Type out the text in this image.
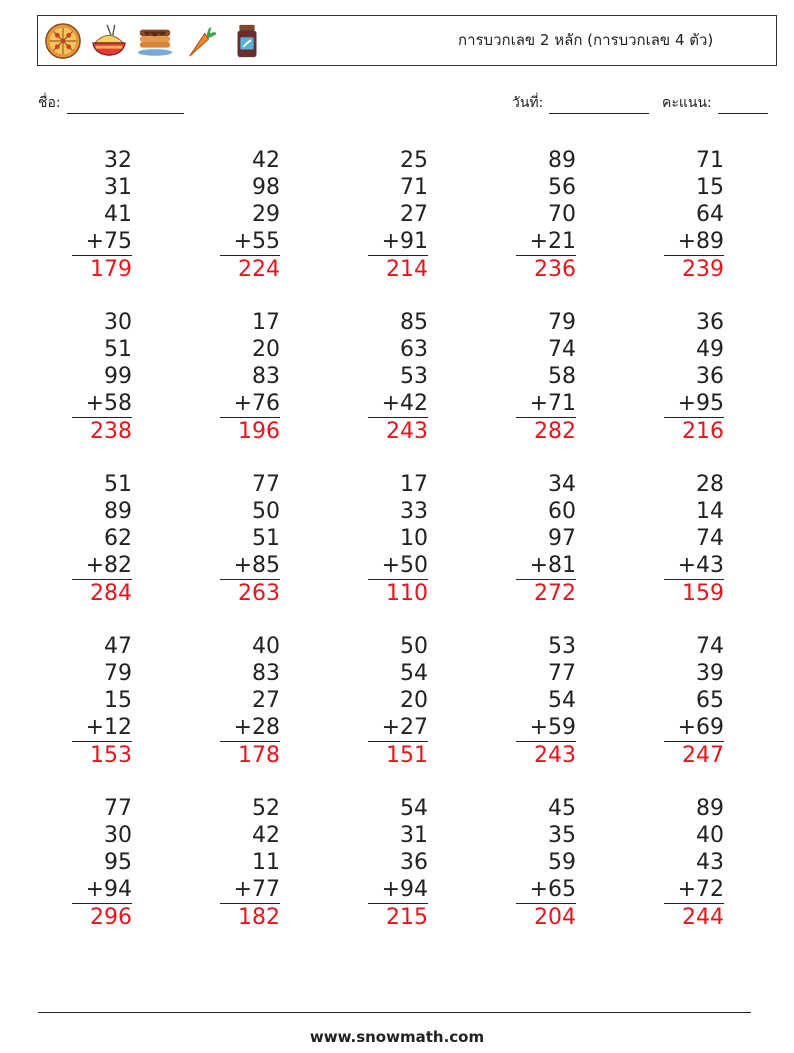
การบวกเลข 2 หลัก (การบวกเลข 4 ตัว)
ชื่อ:	วันที่:	คะแนน:
32
31
41
+75
179
42
98
29
+55
224
25
71
27
+91
214
89
56
70
+21
236
71
15
64
+89
239
30
51
99
+58
238
17
20
83
+76
196
85
63
53
+42
243
79
74
58
+71
282
36
49
36
+95
216
51
89
62
+82
284
77
50
51
+85
263
17
33
10
+50
110
34
60
97
+81
272
28
14
74
+43
159
47
79
15
+12
153
40
83
27
+28
178
50
54
20
+27
151
53
77
54
+59
243
74
39
65
+69
247
77
30
95
+94
296
52
42
11
+77
182
54
31
36
+94
215
45
35
59
+65
204
89
40
43
+72
244
www.snowmath.com
